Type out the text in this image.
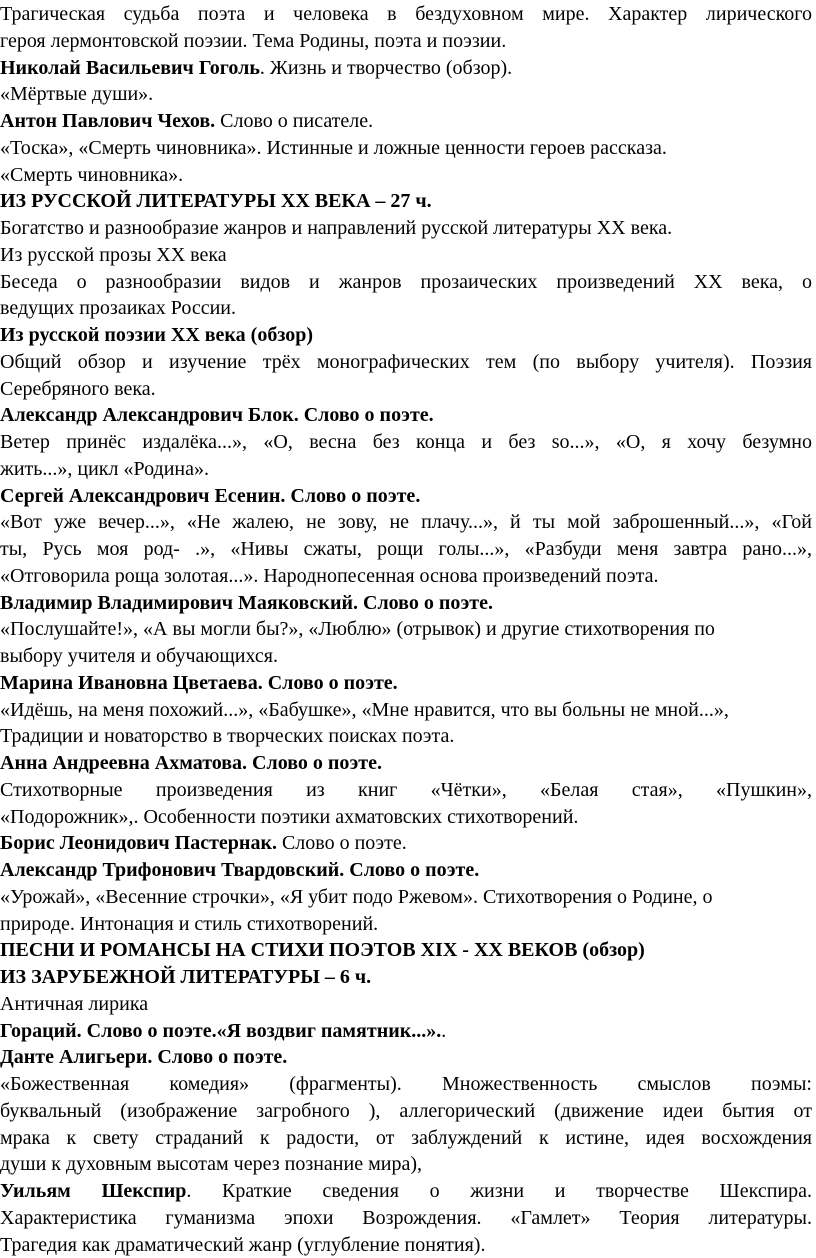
Трагическая судьба поэта и человека в бездуховном мире. Характер лирического
героя лермонтовской поэзии. Тема Родины, поэта и поэзии.
Николай Васильевич Гоголь. Жизнь и творчество (обзор).
«Мёртвые души».
Антон Павлович Чехов. Слово о писателе.
«Тоска», «Смерть чиновника». Истинные и ложные ценности героев рассказа.
«Смерть чиновника».
ИЗ РУССКОЙ ЛИТЕРАТУРЫ XX ВЕКА – 27 ч.
Богатство и разнообразие жанров и направлений русской литературы XX века.
Из русской прозы XX века
Беседа о разнообразии видов и жанров прозаических произведений XX века, о
ведущих прозаиках России.
Из русской поэзии XX века (обзор)
Общий обзор и изучение трёх монографических тем (по выбору учителя). Поэзия
Серебряного века.
Александр Александрович Блок. Слово о поэте.
Ветер принёс издалёка...», «О, весна без конца и без so...», «О, я хочу безумно
жить...», цикл «Родина».
Сергей Александрович Есенин. Слово о поэте.
«Вот уже вечер...», «Не жалею, не зову, не плачу...», й ты мой заброшенный...», «Гой
ты, Русь моя род- .», «Нивы сжаты, рощи голы...», «Разбуди меня завтра рано...»,
«Отговорила роща золотая...». Народнопесенная основа произведений поэта.
Владимир Владимирович Маяковский. Слово о поэте.
«Послушайте!», «А вы могли бы?», «Люблю» (отрывок) и другие стихотворения по
выбору учителя и обучающихся.
Марина Ивановна Цветаева. Слово о поэте.
«Идёшь, на меня похожий...», «Бабушке», «Мне нравится, что вы больны не мной...»,
Традиции и новаторство в творческих поисках поэта.
Анна Андреевна Ахматова. Слово о поэте.
Стихотворные произведения из книг «Чётки», «Белая стая», «Пушкин»,
«Подорожник»,. Особенности поэтики ахматовских стихотворений.
Борис Леонидович Пастернак. Слово о поэте.
Александр Трифонович Твардовский. Слово о поэте.
«Урожай», «Весенние строчки», «Я убит подо Ржевом». Стихотворения о Родине, о
природе. Интонация и стиль стихотворений.
ПЕСНИ И РОМАНСЫ НА СТИХИ ПОЭТОВ XIX - XX ВЕКОВ (обзор)
ИЗ ЗАРУБЕЖНОЙ ЛИТЕРАТУРЫ – 6 ч.
Античная лирика
Гораций. Слово о поэте.«Я воздвиг памятник...»..
Данте Алигьери. Слово о поэте.
«Божественная комедия» (фрагменты). Множественность смыслов поэмы:
буквальный (изображение загробного ), аллегорический (движение идеи бытия от
мрака к свету страданий к радости, от заблуждений к истине, идея восхождения
души к духовным высотам через познание мира),
Уильям Шекспир. Краткие сведения о жизни и творчестве Шекспира.
Характеристика гуманизма эпохи Возрождения. «Гамлет» Теория литературы.
Трагедия как драматический жанр (углубление понятия).
